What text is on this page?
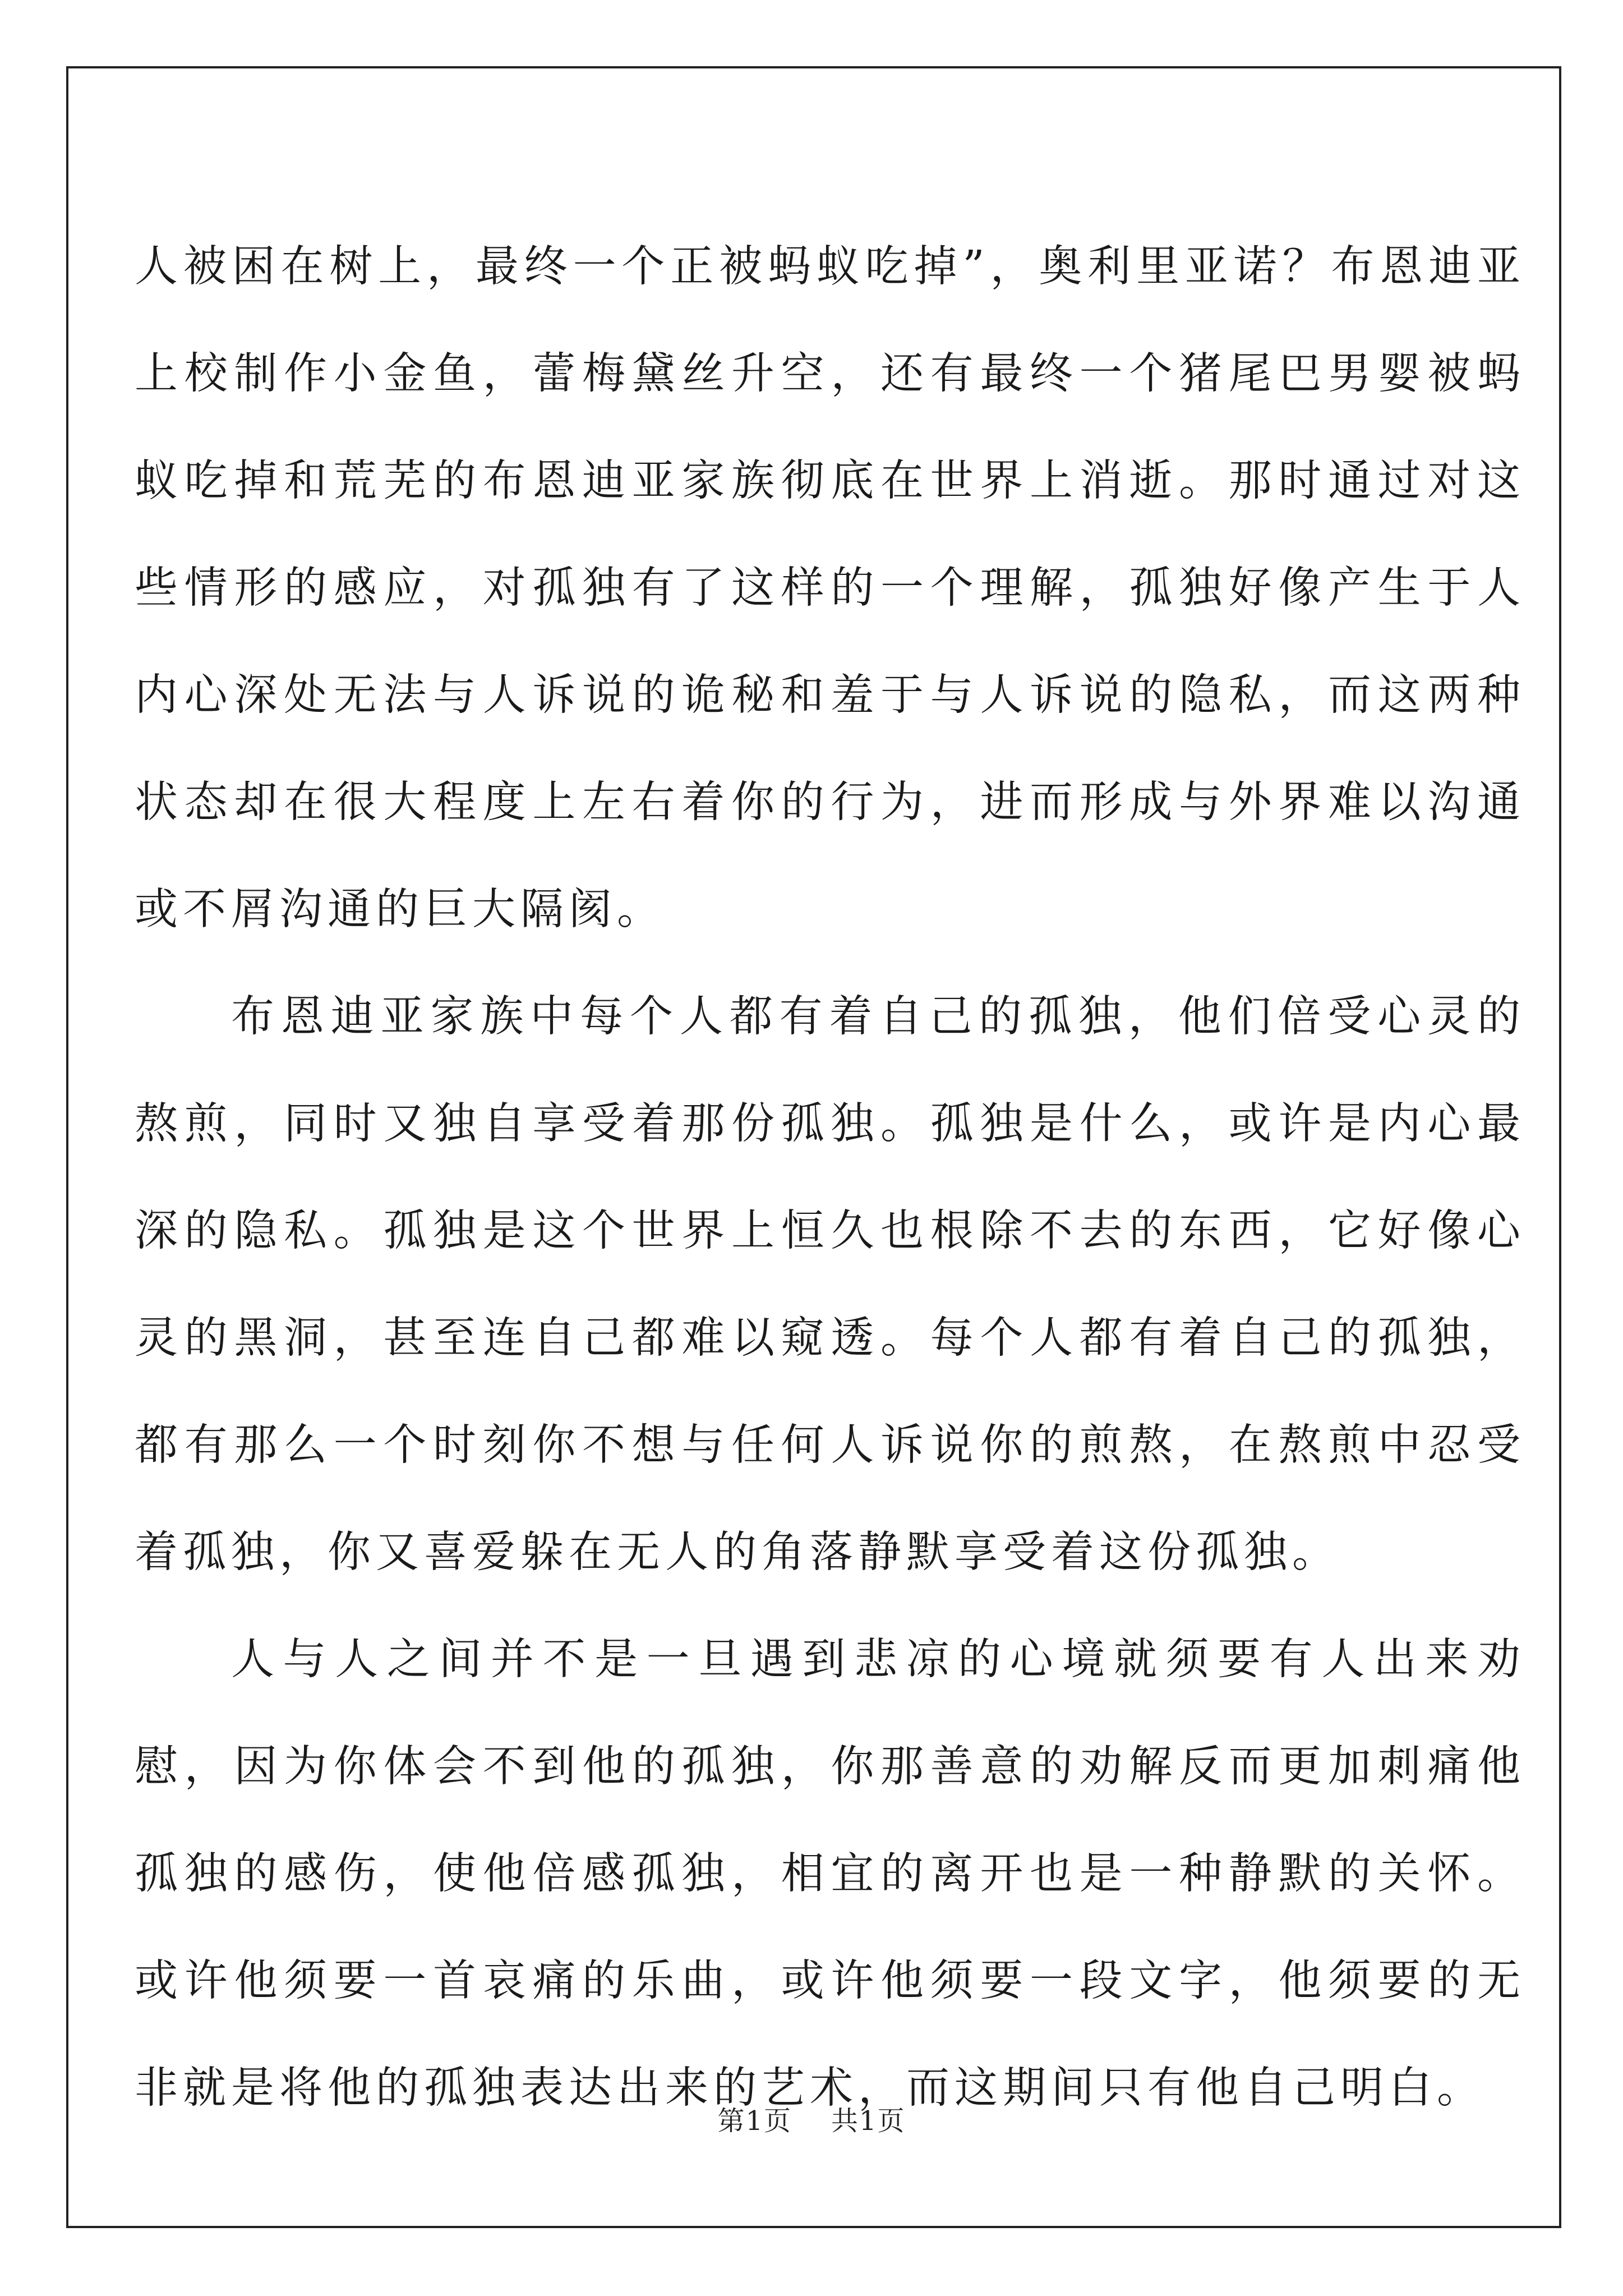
人被困在树上，最终一个正被蚂蚁吃掉”，奥利里亚诺？布恩迪亚上校制作小金鱼，蕾梅黛丝升空，还有最终一个猪尾巴男婴被蚂蚁吃掉和荒芜的布恩迪亚家族彻底在世界上消逝。那时通过对这些情形的感应，对孤独有了这样的一个理解，孤独好像产生于人内心深处无法与人诉说的诡秘和羞于与人诉说的隐私，而这两种状态却在很大程度上左右着你的行为，进而形成与外界难以沟通或不屑沟通的巨大隔阂。

布恩迪亚家族中每个人都有着自己的孤独，他们倍受心灵的熬煎，同时又独自享受着那份孤独。孤独是什么，或许是内心最深的隐私。孤独是这个世界上恒久也根除不去的东西，它好像心灵的黑洞，甚至连自己都难以窥透。每个人都有着自己的孤独，都有那么一个时刻你不想与任何人诉说你的煎熬，在熬煎中忍受着孤独，你又喜爱躲在无人的角落静默享受着这份孤独。

人与人之间并不是一旦遇到悲凉的心境就须要有人出来劝慰，因为你体会不到他的孤独，你那善意的劝解反而更加刺痛他孤独的感伤，使他倍感孤独，相宜的离开也是一种静默的关怀。或许他须要一首哀痛的乐曲，或许他须要一段文字，他须要的无非就是将他的孤独表达出来的艺术，而这期间只有他自己明白。

第1页 共1页
